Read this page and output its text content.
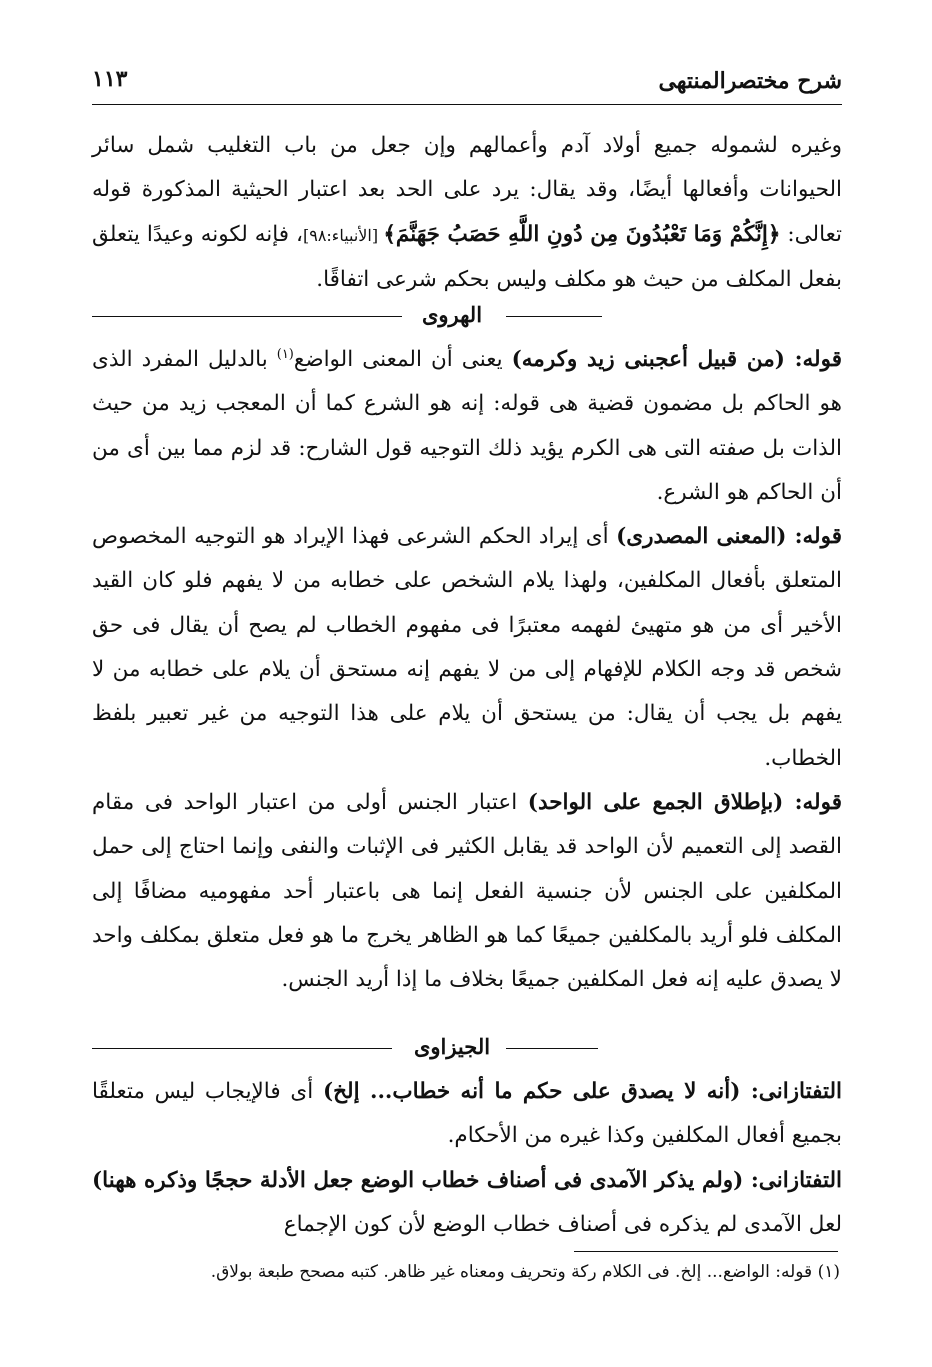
شرح مختصرالمنتهى
١١٣

وغيره لشموله جميع أولاد آدم وأعمالهم وإن جعل من باب التغليب شمل سائر الحيوانات وأفعالها أيضًا، وقد يقال: يرد على الحد بعد اعتبار الحيثية المذكورة قوله تعالى: ﴿إِنَّكُمْ وَمَا تَعْبُدُونَ مِن دُونِ اللَّهِ حَصَبُ جَهَنَّمَ﴾ [الأنبياء:٩٨]، فإنه لكونه وعيدًا يتعلق بفعل المكلف من حيث هو مكلف وليس بحكم شرعى اتفاقًا.

الهروى

قوله: (من قبيل أعجبنى زيد وكرمه) يعنى أن المعنى الواضع$^{(١)}$ بالدليل المفرد الذى هو الحاكم بل مضمون قضية هى قوله: إنه هو الشرع كما أن المعجب زيد من حيث الذات بل صفته التى هى الكرم يؤيد ذلك التوجيه قول الشارح: قد لزم مما بين أى من أن الحاكم هو الشرع.

قوله: (المعنى المصدرى) أى إيراد الحكم الشرعى فهذا الإيراد هو التوجيه المخصوص المتعلق بأفعال المكلفين، ولهذا يلام الشخص على خطابه من لا يفهم فلو كان القيد الأخير أى من هو متهيئ لفهمه معتبرًا فى مفهوم الخطاب لم يصح أن يقال فى حق شخص قد وجه الكلام للإفهام إلى من لا يفهم إنه مستحق أن يلام على خطابه من لا يفهم بل يجب أن يقال: من يستحق أن يلام على هذا التوجيه من غير تعبير بلفظ الخطاب.

قوله: (بإطلاق الجمع على الواحد) اعتبار الجنس أولى من اعتبار الواحد فى مقام القصد إلى التعميم لأن الواحد قد يقابل الكثير فى الإثبات والنفى وإنما احتاج إلى حمل المكلفين على الجنس لأن جنسية الفعل إنما هى باعتبار أحد مفهوميه مضافًا إلى المكلف فلو أريد بالمكلفين جميعًا كما هو الظاهر يخرج ما هو فعل متعلق بمكلف واحد لا يصدق عليه إنه فعل المكلفين جميعًا بخلاف ما إذا أريد الجنس.

الجيزاوى

التفتازانى: (أنه لا يصدق على حكم ما أنه خطاب... إلخ) أى فالإيجاب ليس متعلقًا بجميع أفعال المكلفين وكذا غيره من الأحكام.

التفتازانى: (ولم يذكر الآمدى فى أصناف خطاب الوضع جعل الأدلة حججًا وذكره ههنا) لعل الآمدى لم يذكره فى أصناف خطاب الوضع لأن كون الإجماع

(١) قوله: الواضع... إلخ. فى الكلام ركة وتحريف ومعناه غير ظاهر. كتبه مصحح طبعة بولاق.
